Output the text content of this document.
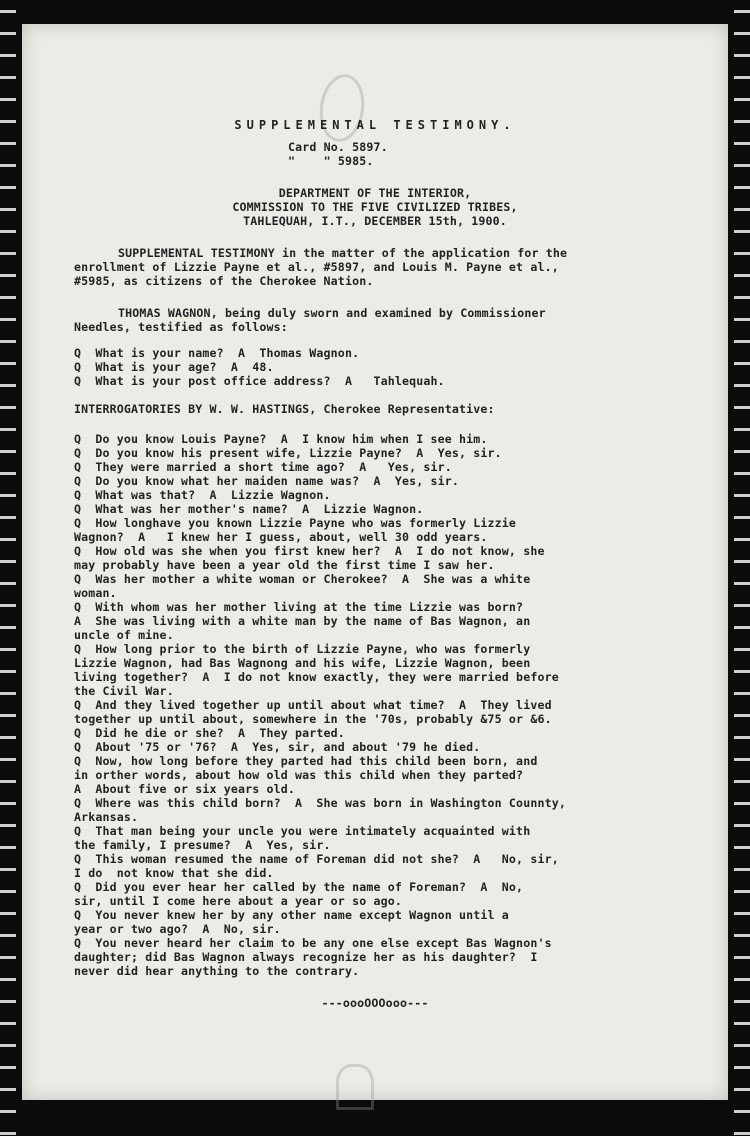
SUPPLEMENTAL TESTIMONY.
Card No. 5897.
"    " 5985.
DEPARTMENT OF THE INTERIOR,
COMMISSION TO THE FIVE CIVILIZED TRIBES,
TAHLEQUAH, I.T., DECEMBER 15th, 1900.
SUPPLEMENTAL TESTIMONY in the matter of the application for the
enrollment of Lizzie Payne et al., #5897, and Louis M. Payne et al.,
#5985, as citizens of the Cherokee Nation.
THOMAS WAGNON, being duly sworn and examined by Commissioner
Needles, testified as follows:
Q  What is your name?  A  Thomas Wagnon.
Q  What is your age?  A  48.
Q  What is your post office address?  A   Tahlequah.
INTERROGATORIES BY W. W. HASTINGS, Cherokee Representative:
Q  Do you know Louis Payne?  A  I know him when I see him.
Q  Do you know his present wife, Lizzie Payne?  A  Yes, sir.
Q  They were married a short time ago?  A   Yes, sir.
Q  Do you know what her maiden name was?  A  Yes, sir.
Q  What was that?  A  Lizzie Wagnon.
Q  What was her mother's name?  A  Lizzie Wagnon.
Q  How longhave you known Lizzie Payne who was formerly Lizzie
Wagnon?  A   I knew her I guess, about, well 30 odd years.
Q  How old was she when you first knew her?  A  I do not know, she
may probably have been a year old the first time I saw her.
Q  Was her mother a white woman or Cherokee?  A  She was a white
woman.
Q  With whom was her mother living at the time Lizzie was born?
A  She was living with a white man by the name of Bas Wagnon, an
uncle of mine.
Q  How long prior to the birth of Lizzie Payne, who was formerly
Lizzie Wagnon, had Bas Wagnong and his wife, Lizzie Wagnon, been
living together?  A  I do not know exactly, they were married before
the Civil War.
Q  And they lived together up until about what time?  A  They lived
together up until about, somewhere in the '70s, probably &75 or &6.
Q  Did he die or she?  A  They parted.
Q  About '75 or '76?  A  Yes, sir, and about '79 he died.
Q  Now, how long before they parted had this child been born, and
in orther words, about how old was this child when they parted?
A  About five or six years old.
Q  Where was this child born?  A  She was born in Washington Counnty,
Arkansas.
Q  That man being your uncle you were intimately acquainted with
the family, I presume?  A  Yes, sir.
Q  This woman resumed the name of Foreman did not she?  A   No, sir,
I do  not know that she did.
Q  Did you ever hear her called by the name of Foreman?  A  No,
sir, until I come here about a year or so ago.
Q  You never knew her by any other name except Wagnon until a
year or two ago?  A  No, sir.
Q  You never heard her claim to be any one else except Bas Wagnon's
daughter; did Bas Wagnon always recognize her as his daughter?  I
never did hear anything to the contrary.
---oooOOOooo---
